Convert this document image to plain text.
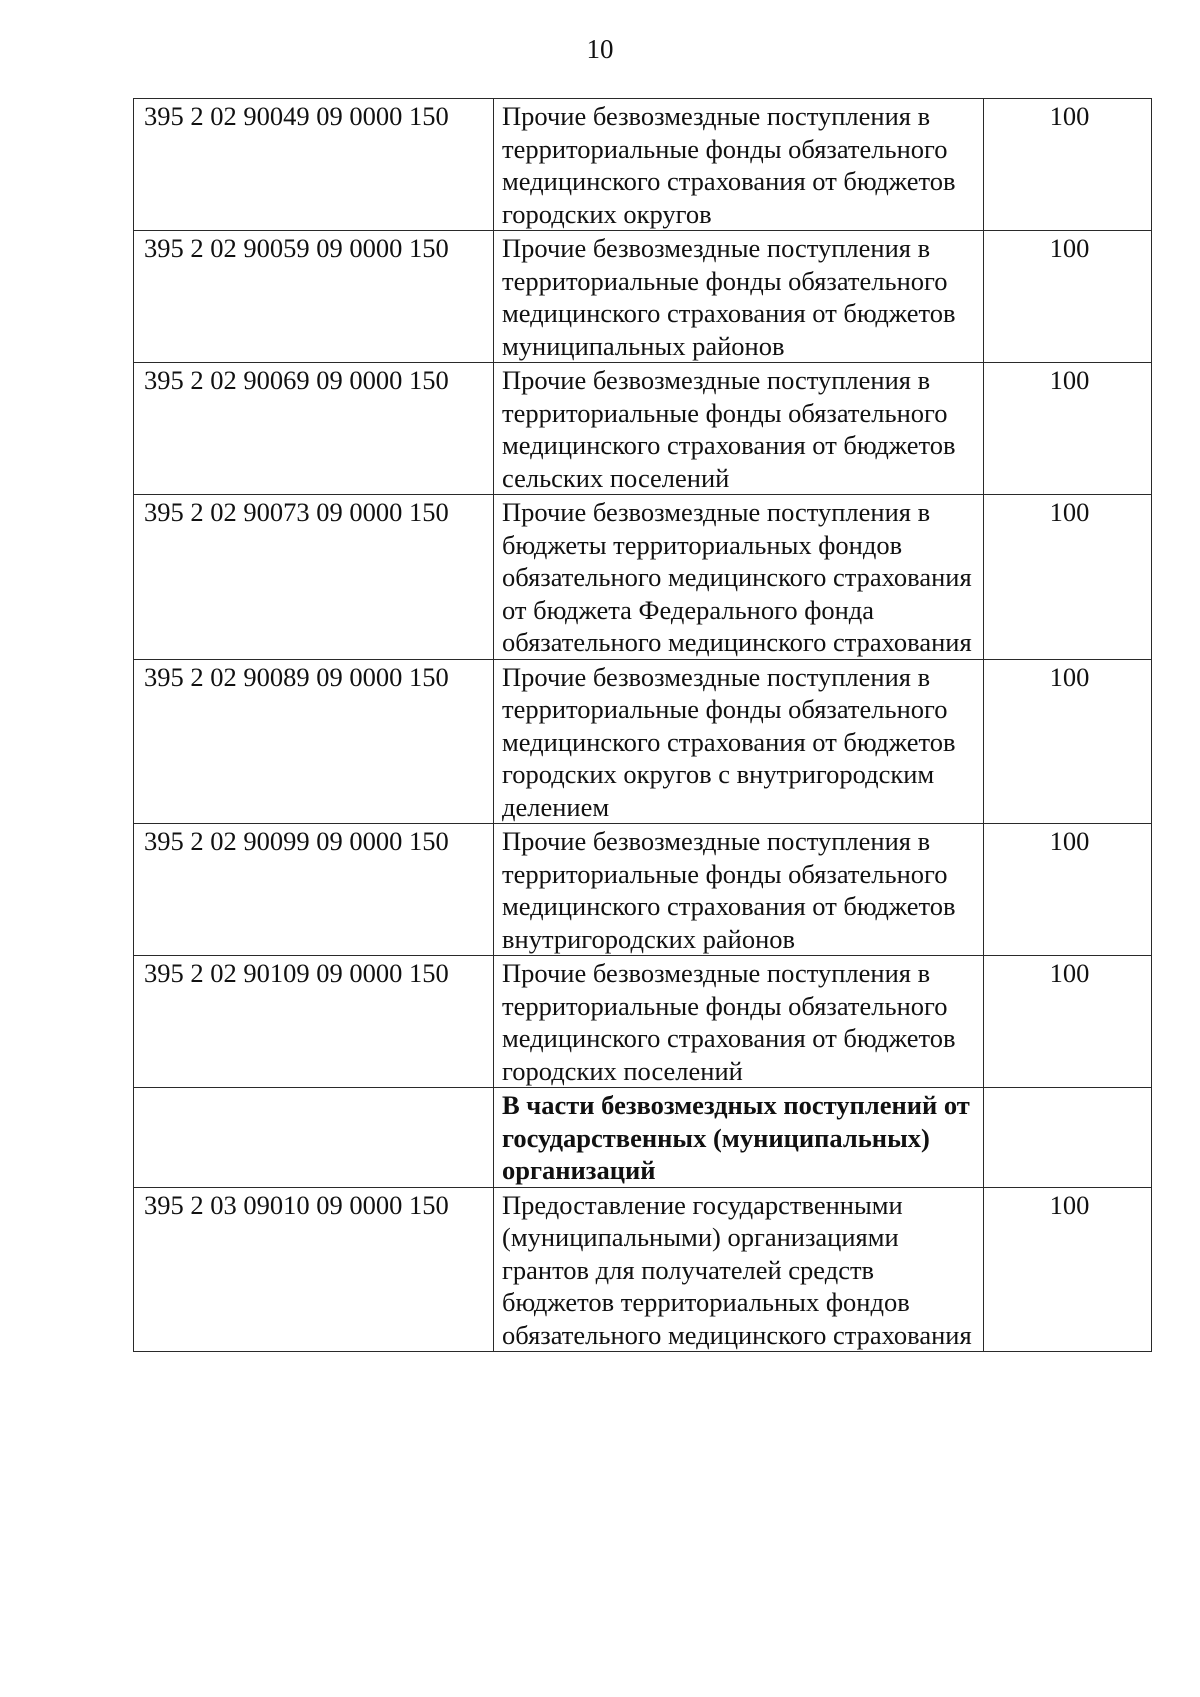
10
395 2 02 90049 09 0000 150	Прочие безвозмездные поступления в территориальные фонды обязательного медицинского страхования от бюджетов городских округов	100
395 2 02 90059 09 0000 150	Прочие безвозмездные поступления в территориальные фонды обязательного медицинского страхования от бюджетов муниципальных районов	100
395 2 02 90069 09 0000 150	Прочие безвозмездные поступления в территориальные фонды обязательного медицинского страхования от бюджетов сельских поселений	100
395 2 02 90073 09 0000 150	Прочие безвозмездные поступления в бюджеты территориальных фондов обязательного медицинского страхования от бюджета Федерального фонда обязательного медицинского страхования	100
395 2 02 90089 09 0000 150	Прочие безвозмездные поступления в территориальные фонды обязательного медицинского страхования от бюджетов городских округов с внутригородским делением	100
395 2 02 90099 09 0000 150	Прочие безвозмездные поступления в территориальные фонды обязательного медицинского страхования от бюджетов внутригородских районов	100
395 2 02 90109 09 0000 150	Прочие безвозмездные поступления в территориальные фонды обязательного медицинского страхования от бюджетов городских поселений	100
	В части безвозмездных поступлений от государственных (муниципальных) организаций	
395 2 03 09010 09 0000 150	Предоставление государственными (муниципальными) организациями грантов для получателей средств бюджетов территориальных фондов обязательного медицинского страхования	100
